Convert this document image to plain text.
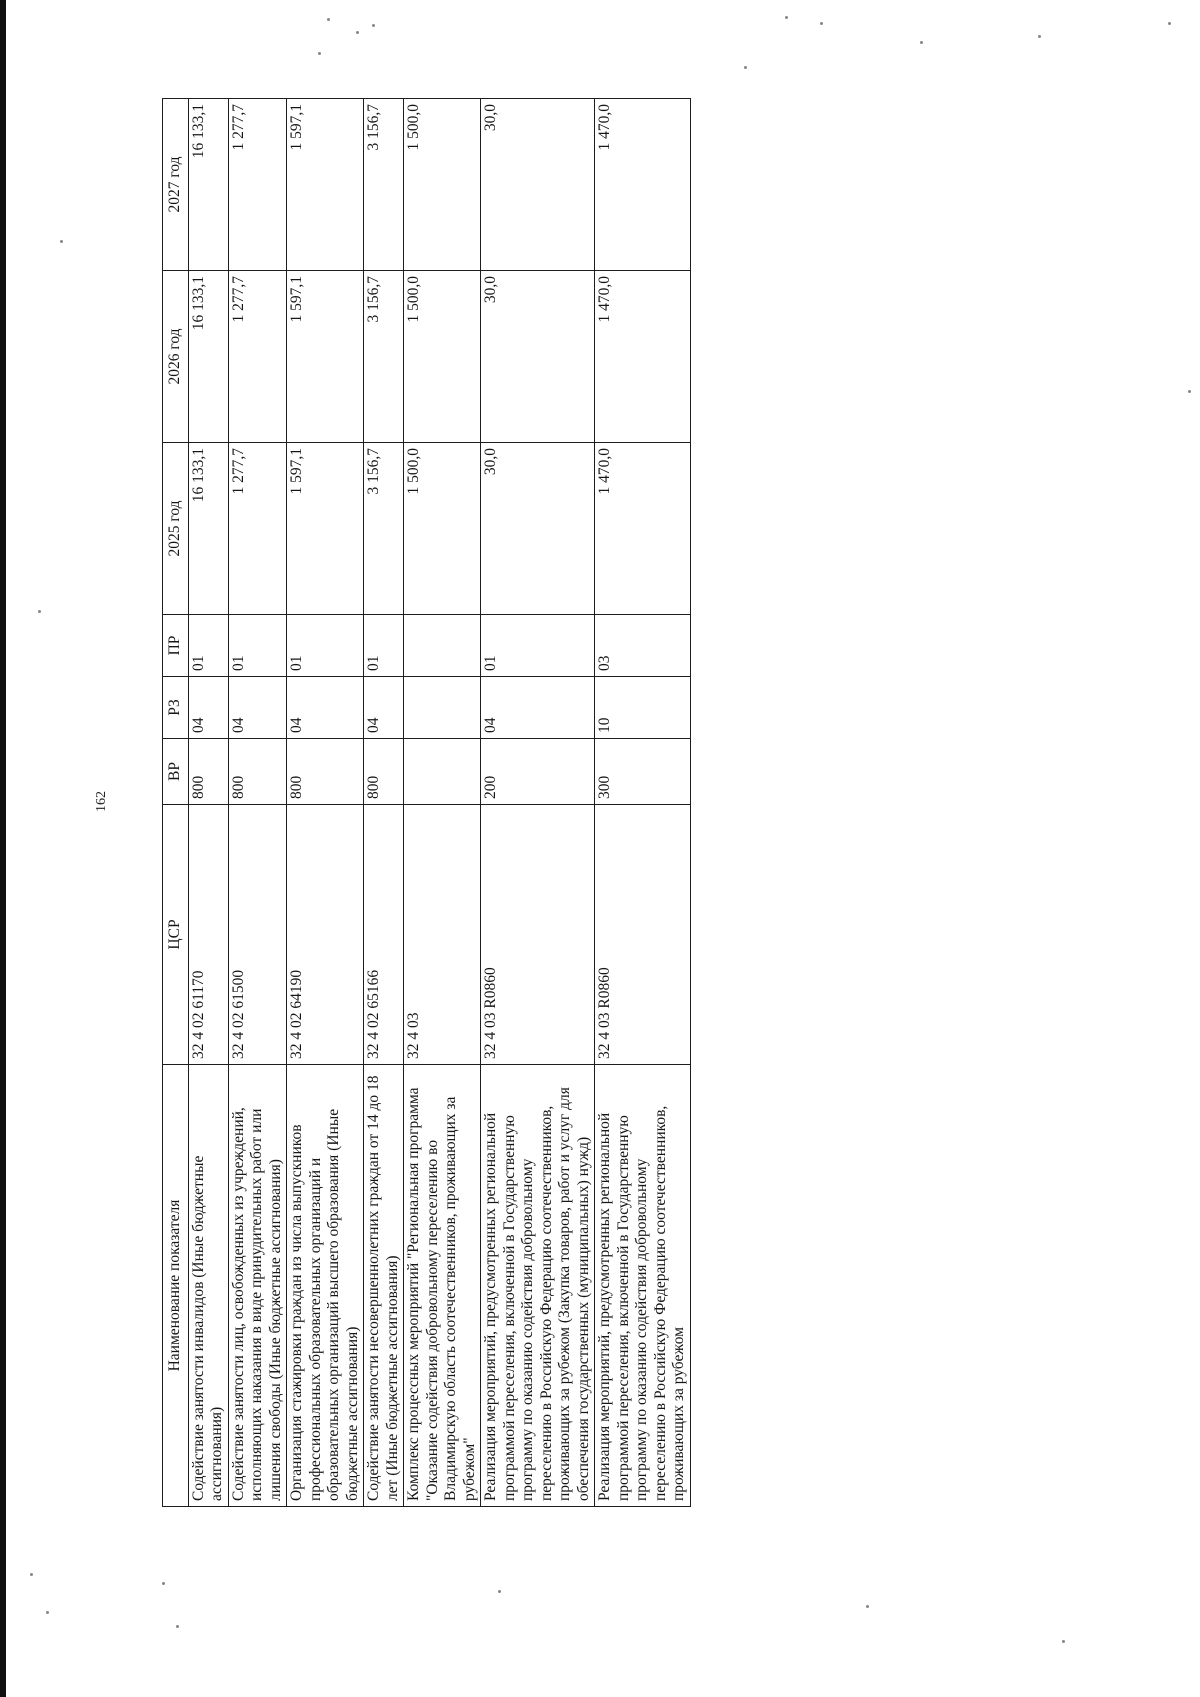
162
Наименование показателя	ЦСР	ВР	РЗ	ПР	2025 год	2026 год	2027 год
Содействие занятости инвалидов (Иные бюджетные ассигнования)	32 4 02 61170	800	04	01	16 133,1	16 133,1	16 133,1
Содействие занятости лиц, освобожденных из учреждений, исполняющих наказания в виде принудительных работ или лишения свободы (Иные бюджетные ассигнования)	32 4 02 61500	800	04	01	1 277,7	1 277,7	1 277,7
Организация стажировки граждан из числа выпускников профессиональных образовательных организаций и образовательных организаций высшего образования (Иные бюджетные ассигнования)	32 4 02 64190	800	04	01	1 597,1	1 597,1	1 597,1
Содействие занятости несовершеннолетних граждан от 14 до 18 лет (Иные бюджетные ассигнования)	32 4 02 65166	800	04	01	3 156,7	3 156,7	3 156,7
Комплекс процессных мероприятий "Региональная программа "Оказание содействия добровольному переселению во Владимирскую область соотечественников, проживающих за рубежом"	32 4 03				1 500,0	1 500,0	1 500,0
Реализация мероприятий, предусмотренных региональной программой переселения, включенной в Государственную программу по оказанию содействия добровольному переселению в Российскую Федерацию соотечественников, проживающих за рубежом (Закупка товаров, работ и услуг для обеспечения государственных (муниципальных) нужд)	32 4 03 R0860	200	04	01	30,0	30,0	30,0
Реализация мероприятий, предусмотренных региональной программой переселения, включенной в Государственную программу по оказанию содействия добровольному переселению в Российскую Федерацию соотечественников, проживающих за рубежом	32 4 03 R0860	300	10	03	1 470,0	1 470,0	1 470,0
